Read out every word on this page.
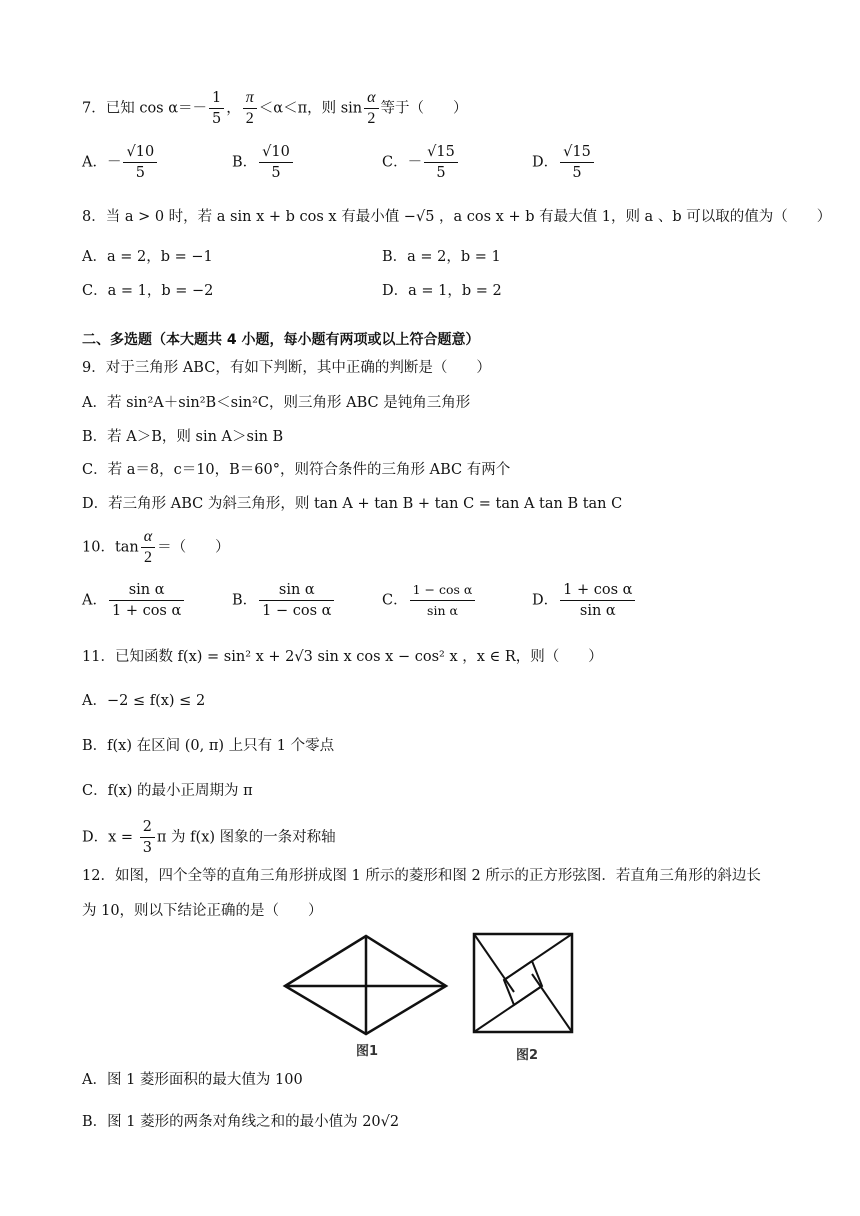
7．已知 $\cos \alpha=- \frac{1}{5}$ ， $\frac{\pi}{2} <\alpha<\pi$，则 $\sin \frac{\alpha}{2}$ 等于（　　）
A．－ $\frac{√10}{5}$	B． $\frac{√10}{5}$	C．－ $\frac{√15}{5}$	D． $\frac{√15}{5}$
8．当 a > 0 时，若 a sin x + b cos x 有最小值 −√5 ，a cos x + b 有最大值 1，则 a 、b 可以取的值为（　　）
A．a = 2，b = −1	B．a = 2，b = 1
C．a = 1，b = −2	D．a = 1，b = 2
二、多选题（本大题共 4 小题，每小题有两项或以上符合题意）
9．对于三角形 ABC，有如下判断，其中正确的判断是（　　）
A．若 sin²A＋sin²B＜sin²C，则三角形 ABC 是钝角三角形
B．若 A＞B，则 sin A＞sin B
C．若 a＝8，c＝10，B＝60°，则符合条件的三角形 ABC 有两个
D．若三角形 ABC 为斜三角形，则 tan A + tan B + tan C = tan A tan B tan C
10．$\tan \frac{\alpha}{2}$ ＝（　　）
A． $\frac{\text{sin α}}{\text{1 + cos α}}$	B． $\frac{\text{sin α}}{\text{1 − cos α}}$	C． $\frac{\text{1 − cos α}}{\text{sin α}}$	D． $\frac{\text{1 + cos α}}{\text{sin α}}$
11．已知函数 f(x) = sin² x + 2√3 sin x cos x − cos² x ，x ∈ R，则（　　）
A．−2 ≤ f(x) ≤ 2
B．f(x) 在区间 (0, π) 上只有 1 个零点
C．f(x) 的最小正周期为 π
D．$x = \frac{2}{3}$ π 为 f(x) 图象的一条对称轴
12．如图，四个全等的直角三角形拼成图 1 所示的菱形和图 2 所示的正方形弦图．若直角三角形的斜边长
为 10，则以下结论正确的是（　　）
图1	图2
A．图 1 菱形面积的最大值为 100
B．图 1 菱形的两条对角线之和的最小值为 20√2
